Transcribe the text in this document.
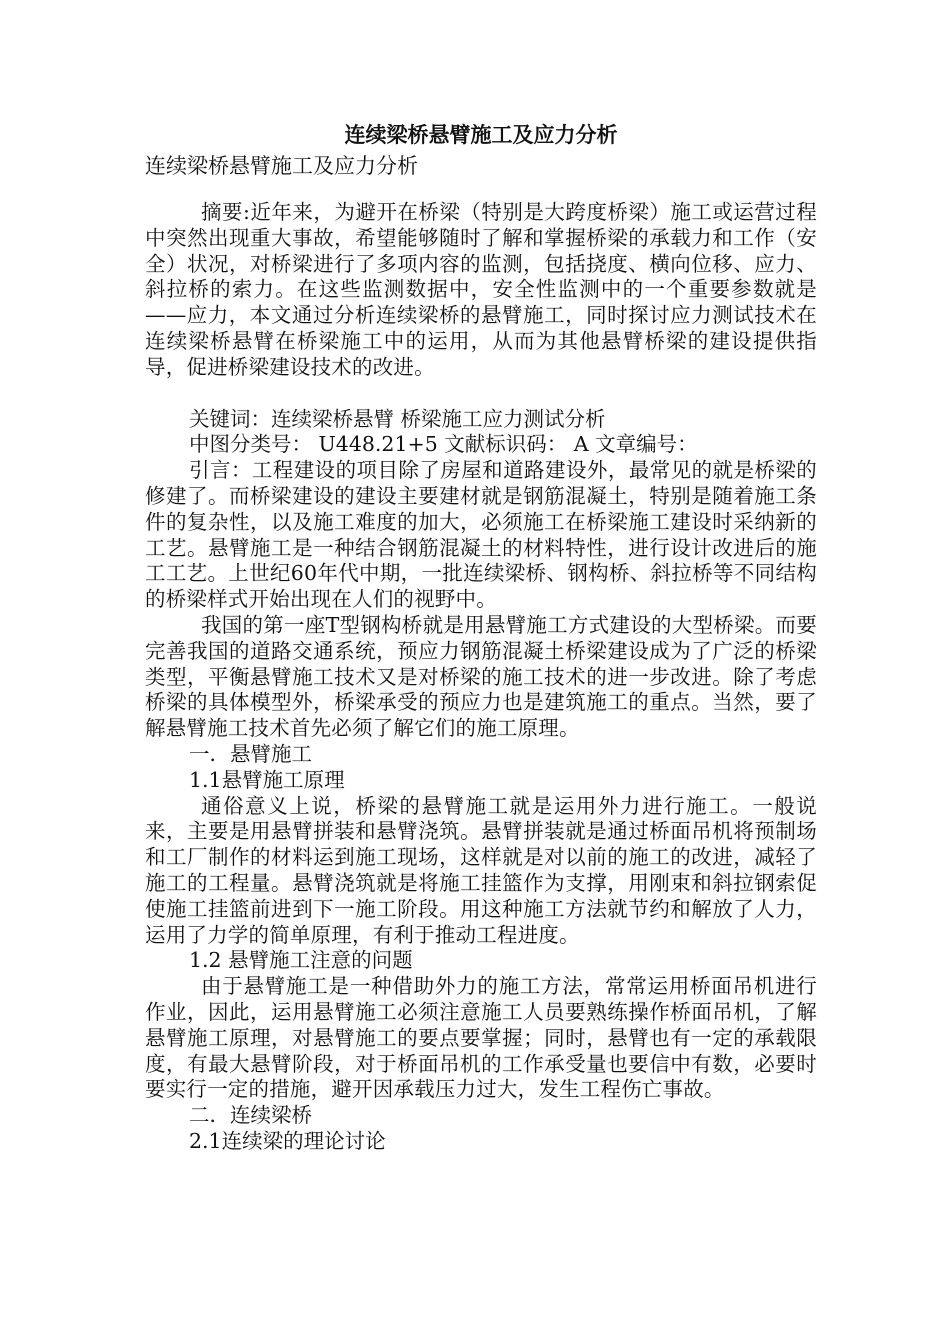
连续梁桥悬臂施工及应力分析

连续梁桥悬臂施工及应力分析

摘要:近年来，为避开在桥梁（特别是大跨度桥梁）施工或运营过程中突然出现重大事故，希望能够随时了解和掌握桥梁的承载力和工作（安全）状况，对桥梁进行了多项内容的监测，包括挠度、横向位移、应力、斜拉桥的索力。在这些监测数据中，安全性监测中的一个重要参数就是——应力，本文通过分析连续梁桥的悬臂施工，同时探讨应力测试技术在连续梁桥悬臂在桥梁施工中的运用，从而为其他悬臂桥梁的建设提供指导，促进桥梁建设技术的改进。

关键词：连续梁桥悬臂 桥梁施工应力测试分析

中图分类号： U448.21+5 文献标识码： A 文章编号：

引言：工程建设的项目除了房屋和道路建设外，最常见的就是桥梁的修建了。而桥梁建设的建设主要建材就是钢筋混凝土，特别是随着施工条件的复杂性，以及施工难度的加大，必须施工在桥梁施工建设时采纳新的工艺。悬臂施工是一种结合钢筋混凝土的材料特性，进行设计改进后的施工工艺。上世纪60年代中期，一批连续梁桥、钢构桥、斜拉桥等不同结构的桥梁样式开始出现在人们的视野中。

我国的第一座T型钢构桥就是用悬臂施工方式建设的大型桥梁。而要完善我国的道路交通系统，预应力钢筋混凝土桥梁建设成为了广泛的桥梁类型，平衡悬臂施工技术又是对桥梁的施工技术的进一步改进。除了考虑桥梁的具体模型外，桥梁承受的预应力也是建筑施工的重点。当然，要了解悬臂施工技术首先必须了解它们的施工原理。

一．悬臂施工

1.1悬臂施工原理

通俗意义上说，桥梁的悬臂施工就是运用外力进行施工。一般说来，主要是用悬臂拼装和悬臂浇筑。悬臂拼装就是通过桥面吊机将预制场和工厂制作的材料运到施工现场，这样就是对以前的施工的改进，减轻了施工的工程量。悬臂浇筑就是将施工挂篮作为支撑，用刚束和斜拉钢索促使施工挂篮前进到下一施工阶段。用这种施工方法就节约和解放了人力，运用了力学的简单原理，有利于推动工程进度。

1.2 悬臂施工注意的问题

由于悬臂施工是一种借助外力的施工方法，常常运用桥面吊机进行作业，因此，运用悬臂施工必须注意施工人员要熟练操作桥面吊机，了解悬臂施工原理，对悬臂施工的要点要掌握；同时，悬臂也有一定的承载限度，有最大悬臂阶段，对于桥面吊机的工作承受量也要信中有数，必要时要实行一定的措施，避开因承载压力过大，发生工程伤亡事故。

二．连续梁桥

2.1连续梁的理论讨论
